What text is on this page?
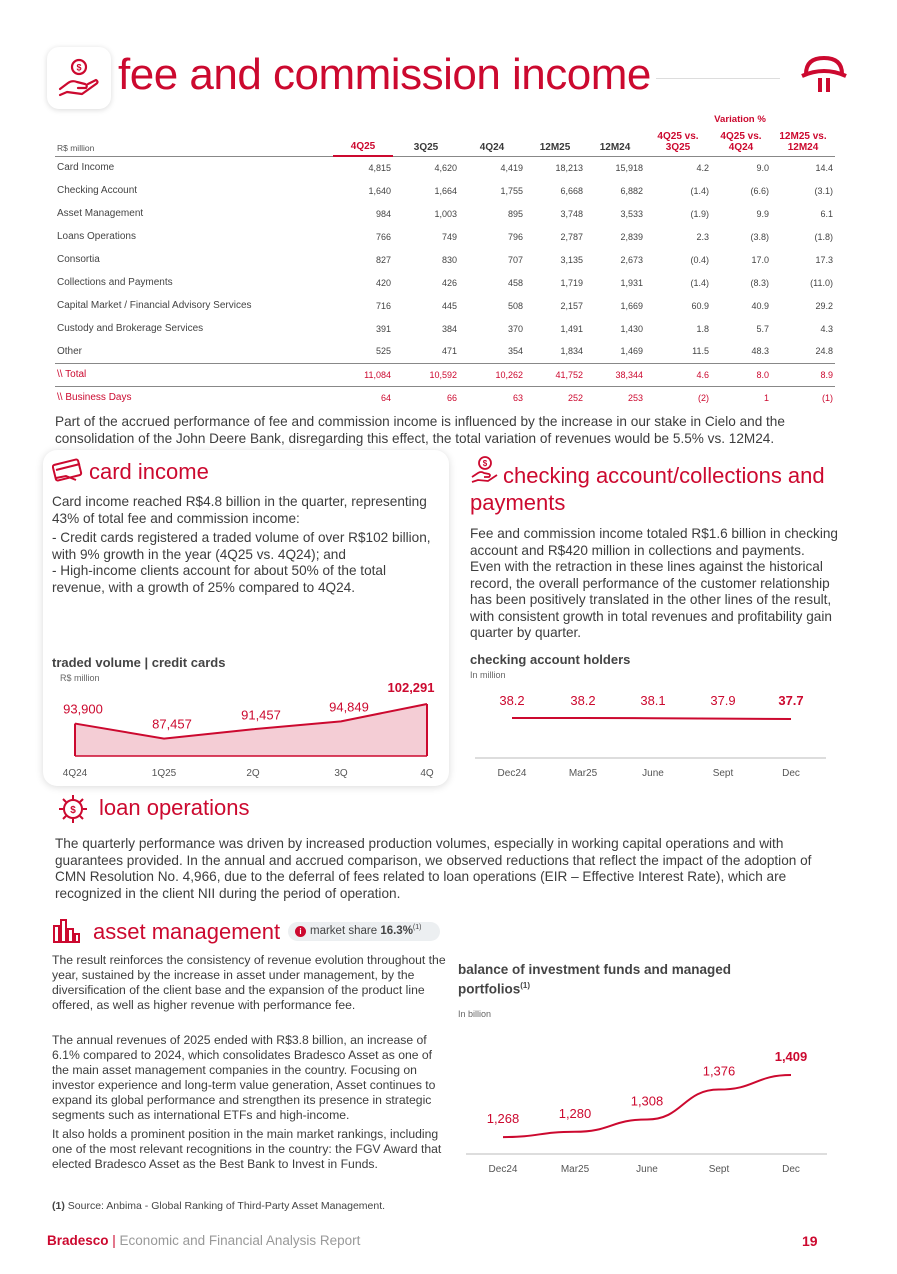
$ fee and commission income
						Variation %		
R$ million	4Q25	3Q25	4Q24	12M25	12M24	4Q25 vs. 3Q25	4Q25 vs. 4Q24	12M25 vs. 12M24
Card Income	4,815	4,620	4,419	18,213	15,918	4.2	9.0	14.4
Checking Account	1,640	1,664	1,755	6,668	6,882	(1.4)	(6.6)	(3.1)
Asset Management	984	1,003	895	3,748	3,533	(1.9)	9.9	6.1
Loans Operations	766	749	796	2,787	2,839	2.3	(3.8)	(1.8)
Consortia	827	830	707	3,135	2,673	(0.4)	17.0	17.3
Collections and Payments	420	426	458	1,719	1,931	(1.4)	(8.3)	(11.0)
Capital Market / Financial Advisory Services	716	445	508	2,157	1,669	60.9	40.9	29.2
Custody and Brokerage Services	391	384	370	1,491	1,430	1.8	5.7	4.3
Other	525	471	354	1,834	1,469	11.5	48.3	24.8
\\ Total	11,084	10,592	10,262	41,752	38,344	4.6	8.0	8.9
\\ Business Days	64	66	63	252	253	(2)	1	(1)

Part of the accrued performance of fee and commission income is influenced by the increase in our stake in Cielo and the consolidation of the John Deere Bank, disregarding this effect, the total variation of revenues would be 5.5% vs. 12M24.

card income

Card income reached R$4.8 billion in the quarter, representing 43% of total fee and commission income:

- Credit cards registered a traded volume of over R$102 billion, with 9% growth in the year (4Q25 vs. 4Q24); and

- High-income clients account for about 50% of the total revenue, with a growth of 25% compared to 4Q24.

traded volume | credit cards
R$ million
93,900
87,457
91,457
94,849
102,291
4Q24	1Q25	2Q	3Q	4Q
$ checking account/collections and
payments

Fee and commission income totaled R$1.6 billion in checking account and R$420 million in collections and payments. Even with the retraction in these lines against the historical record, the overall performance of the customer relationship has been positively translated in the other lines of the result, with consistent growth in total revenues and profitability gain quarter by quarter.

checking account holders
In million
38.2	38.2	38.1	37.9	37.7
Dec24	Mar25	June	Sept	Dec
$ loan operations

The quarterly performance was driven by increased production volumes, especially in working capital operations and with guarantees provided. In the annual and accrued comparison, we observed reductions that reflect the impact of the adoption of CMN Resolution No. 4,966, due to the deferral of fees related to loan operations (EIR – Effective Interest Rate), which are recognized in the client NII during the period of operation.

asset management	i market share 16.3%$^{(1)}$

The result reinforces the consistency of revenue evolution throughout the year, sustained by the increase in asset under management, by the diversification of the client base and the expansion of the product line offered, as well as higher revenue with performance fee.

The annual revenues of 2025 ended with R$3.8 billion, an increase of 6.1% compared to 2024, which consolidates Bradesco Asset as one of the main asset management companies in the country. Focusing on investor experience and long-term value generation, Asset continues to expand its global performance and strengthen its presence in strategic segments such as international ETFs and high-income.

It also holds a prominent position in the main market rankings, including one of the most relevant recognitions in the country: the FGV Award that elected Bradesco Asset as the Best Bank to Invest in Funds.

(1) Source: Anbima - Global Ranking of Third-Party Asset Management.
balance of investment funds and managed
portfolios$^{(1)}$
In billion
1,268	1,280
1,308
1,376
1,409
Dec24	Mar25	June	Sept	Dec
Bradesco | Economic and Financial Analysis Report	19
